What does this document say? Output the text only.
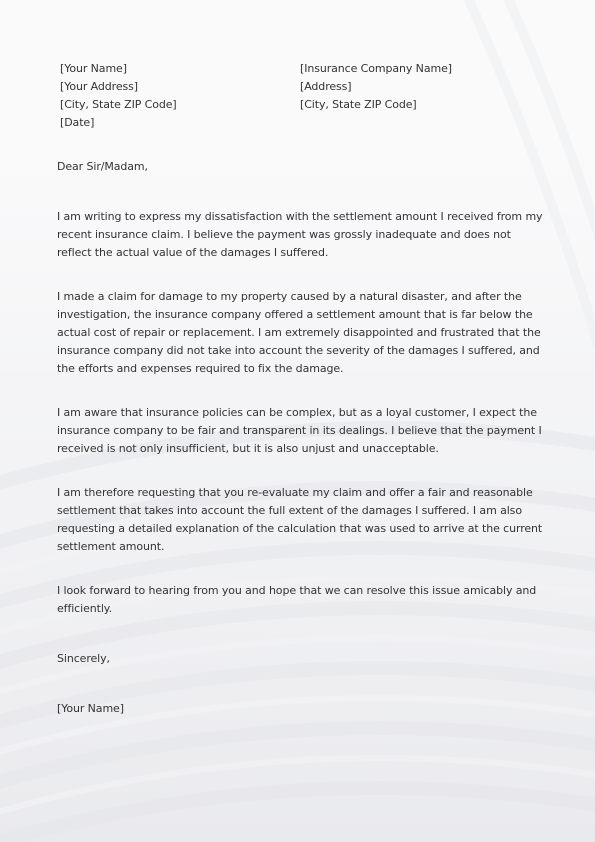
[Your Name]
[Your Address]
[City, State ZIP Code]
[Date]
[Insurance Company Name]
[Address]
[City, State ZIP Code]
Dear Sir/Madam,

I am writing to express my dissatisfaction with the settlement amount I received from my recent insurance claim. I believe the payment was grossly inadequate and does not reflect the actual value of the damages I suffered.

I made a claim for damage to my property caused by a natural disaster, and after the investigation, the insurance company offered a settlement amount that is far below the actual cost of repair or replacement. I am extremely disappointed and frustrated that the insurance company did not take into account the severity of the damages I suffered, and the efforts and expenses required to fix the damage.

I am aware that insurance policies can be complex, but as a loyal customer, I expect the insurance company to be fair and transparent in its dealings. I believe that the payment I received is not only insufficient, but it is also unjust and unacceptable.

I am therefore requesting that you re-evaluate my claim and offer a fair and reasonable settlement that takes into account the full extent of the damages I suffered. I am also requesting a detailed explanation of the calculation that was used to arrive at the current settlement amount.

I look forward to hearing from you and hope that we can resolve this issue amicably and efficiently.

Sincerely,
[Your Name]
